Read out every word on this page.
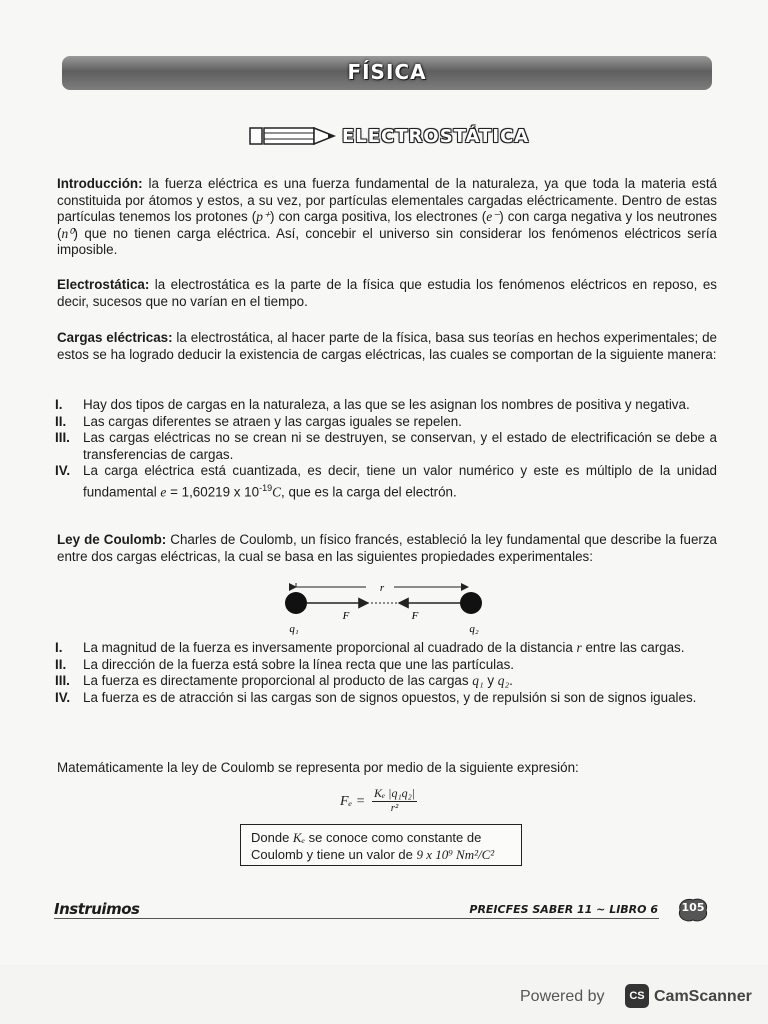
FÍSICA
ELECTROSTÁTICA

Introducción: la fuerza eléctrica es una fuerza fundamental de la naturaleza, ya que toda la materia está constituida por átomos y estos, a su vez, por partículas elementales cargadas eléctricamente. Dentro de estas partículas tenemos los protones (p⁺) con carga positiva, los electrones (e⁻) con carga negativa y los neutrones (n⁰) que no tienen carga eléctrica. Así, concebir el universo sin considerar los fenómenos eléctricos sería imposible.

Electrostática: la electrostática es la parte de la física que estudia los fenómenos eléctricos en reposo, es decir, sucesos que no varían en el tiempo.

Cargas eléctricas: la electrostática, al hacer parte de la física, basa sus teorías en hechos experimentales; de estos se ha logrado deducir la existencia de cargas eléctricas, las cuales se comportan de la siguiente manera:

I.	Hay dos tipos de cargas en la naturaleza, a las que se les asignan los nombres de positiva y negativa.
II.	Las cargas diferentes se atraen y las cargas iguales se repelen.
III. Las cargas eléctricas no se crean ni se destruyen, se conservan, y el estado de electrificación se debe a transferencias de cargas.
IV. La carga eléctrica está cuantizada, es decir, tiene un valor numérico y este es múltiplo de la unidad fundamental e = 1,60219 x $10^{-19}C$, que es la carga del electrón.

Ley de Coulomb: Charles de Coulomb, un físico francés, estableció la ley fundamental que describe la fuerza entre dos cargas eléctricas, la cual se basa en las siguientes propiedades experimentales:

r
F	F
q₁	q₂
I.	La magnitud de la fuerza es inversamente proporcional al cuadrado de la distancia r entre las cargas.
II.	La dirección de la fuerza está sobre la línea recta que une las partículas.
III. La fuerza es directamente proporcional al producto de las cargas q₁ y q₂.
IV. La fuerza es de atracción si las cargas son de signos opuestos, y de repulsión si son de signos iguales.

Matemáticamente la ley de Coulomb se representa por medio de la siguiente expresión:

$F_e = \frac{\text{Kₑ |q₁q₂|}}{\text{r²}}$
Donde Kₑ se conoce como constante de Coulomb y tiene un valor de 9 x 10⁹ Nm²/C²
Instruimos	PREICFES SABER 11 ~ LIBRO 6	105
Powered by	CS CamScanner
